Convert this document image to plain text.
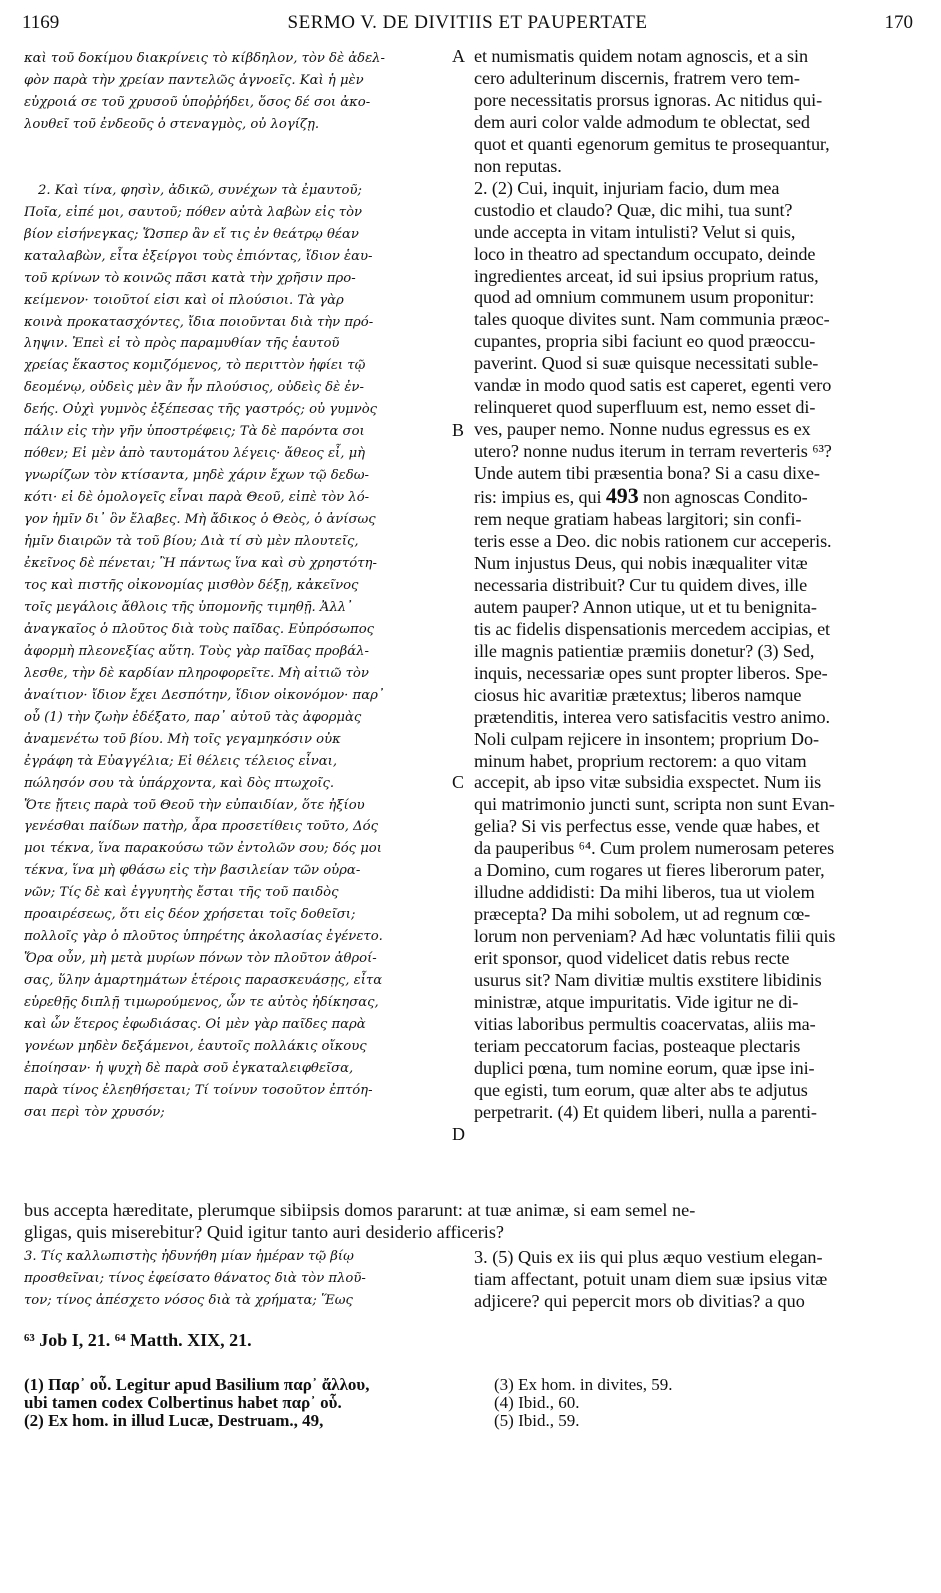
1169	SERMO V. DE DIVITIIS ET PAUPERTATE	170
καὶ τοῦ δοκίμου διακρίνεις τὸ κίβδηλον, τὸν δὲ ἀδελ-
φὸν παρὰ τὴν χρείαν παντελῶς ἀγνοεῖς. Καὶ ἡ μὲν
εὐχροιά σε τοῦ χρυσοῦ ὑποῤῥήδει, ὅσος δέ σοι ἀκο-
λουθεῖ τοῦ ἐνδεοῦς ὁ στεναγμὸς, οὐ λογίζῃ.
2. Καὶ τίνα, φησὶν, ἀδικῶ, συνέχων τὰ ἐμαυτοῦ;
Ποῖα, εἰπέ μοι, σαυτοῦ; πόθεν αὐτὰ λαβὼν εἰς τὸν
βίον εἰσήνεγκας; Ὥσπερ ἂν εἴ τις ἐν θεάτρῳ θέαν
καταλαβὼν, εἶτα ἐξείργοι τοὺς ἐπιόντας, ἴδιον ἑαυ-
τοῦ κρίνων τὸ κοινῶς πᾶσι κατὰ τὴν χρῆσιν προ-
κείμενον· τοιοῦτοί εἰσι καὶ οἱ πλούσιοι. Τὰ γὰρ
κοινὰ προκατασχόντες, ἴδια ποιοῦνται διὰ τὴν πρό-
ληψιν. Ἐπεὶ εἰ τὸ πρὸς παραμυθίαν τῆς ἑαυτοῦ
χρείας ἕκαστος κομιζόμενος, τὸ περιττὸν ἠφίει τῷ
δεομένῳ, οὐδεὶς μὲν ἂν ἦν πλούσιος, οὐδεὶς δὲ ἐν-
δεής. Οὐχὶ γυμνὸς ἐξέπεσας τῆς γαστρός; οὐ γυμνὸς
πάλιν εἰς τὴν γῆν ὑποστρέφεις; Τὰ δὲ παρόντα σοι
πόθεν; Εἰ μὲν ἀπὸ ταυτομάτου λέγεις· ἄθεος εἶ, μὴ
γνωρίζων τὸν κτίσαντα, μηδὲ χάριν ἔχων τῷ δεδω-
κότι· εἰ δὲ ὁμολογεῖς εἶναι παρὰ Θεοῦ, εἰπὲ τὸν λό-
γον ἡμῖν δι᾿ ὃν ἔλαβες. Μὴ ἄδικος ὁ Θεὸς, ὁ ἀνίσως
ἡμῖν διαιρῶν τὰ τοῦ βίου; Διὰ τί σὺ μὲν πλουτεῖς,
ἐκεῖνος δὲ πένεται; Ἢ πάντως ἵνα καὶ σὺ χρηστότη-
τος καὶ πιστῆς οἰκονομίας μισθὸν δέξῃ, κἀκεῖνος
τοῖς μεγάλοις ἄθλοις τῆς ὑπομονῆς τιμηθῇ. Ἀλλ᾿
ἀναγκαῖος ὁ πλοῦτος διὰ τοὺς παῖδας. Εὐπρόσωπος
ἀφορμὴ πλεονεξίας αὕτη. Τοὺς γὰρ παῖδας προβάλ-
λεσθε, τὴν δὲ καρδίαν πληροφορεῖτε. Μὴ αἰτιῶ τὸν
ἀναίτιον· ἴδιον ἔχει Δεσπότην, ἴδιον οἰκονόμον· παρ᾿
οὗ (1) τὴν ζωὴν ἐδέξατο, παρ᾿ αὐτοῦ τὰς ἀφορμὰς
ἀναμενέτω τοῦ βίου. Μὴ τοῖς γεγαμηκόσιν οὐκ
ἐγράφη τὰ Εὐαγγέλια; Εἰ θέλεις τέλειος εἶναι,
πώλησόν σου τὰ ὑπάρχοντα, καὶ δὸς πτωχοῖς.
Ὅτε ᾔτεις παρὰ τοῦ Θεοῦ τὴν εὐπαιδίαν, ὅτε ἠξίου
γενέσθαι παίδων πατὴρ, ἆρα προσετίθεις τοῦτο, Δός
μοι τέκνα, ἵνα παρακούσω τῶν ἐντολῶν σου; δός μοι
τέκνα, ἵνα μὴ φθάσω εἰς τὴν βασιλείαν τῶν οὐρα-
νῶν; Τίς δὲ καὶ ἐγγυητὴς ἔσται τῆς τοῦ παιδὸς
προαιρέσεως, ὅτι εἰς δέον χρήσεται τοῖς δοθεῖσι;
πολλοῖς γὰρ ὁ πλοῦτος ὑπηρέτης ἀκολασίας ἐγένετο.
Ὅρα οὖν, μὴ μετὰ μυρίων πόνων τὸν πλοῦτον ἀθροί-
σας, ὕλην ἁμαρτημάτων ἑτέροις παρασκευάσῃς, εἶτα
εὑρεθῇς διπλῇ τιμωρούμενος, ὧν τε αὐτὸς ἠδίκησας,
καὶ ὧν ἕτερος ἐφωδιάσας. Οἱ μὲν γὰρ παῖδες παρὰ
γονέων μηδὲν δεξάμενοι, ἑαυτοῖς πολλάκις οἴκους
ἐποίησαν· ἡ ψυχὴ δὲ παρὰ σοῦ ἐγκαταλειφθεῖσα,
παρὰ τίνος ἐλεηθήσεται; Τί τοίνυν τοσοῦτον ἐπτόη-
σαι περὶ τὸν χρυσόν;
et numismatis quidem notam agnoscis, et a sin
cero adulterinum discernis, fratrem vero tem-
pore necessitatis prorsus ignoras. Ac nitidus qui-
dem auri color valde admodum te oblectat, sed
quot et quanti egenorum gemitus te prosequantur,
non reputas.
2. (2) Cui, inquit, injuriam facio, dum mea
custodio et claudo? Quæ, dic mihi, tua sunt?
unde accepta in vitam intulisti? Velut si quis,
loco in theatro ad spectandum occupato, deinde
ingredientes arceat, id sui ipsius proprium ratus,
quod ad omnium communem usum proponitur:
tales quoque divites sunt. Nam communia præoc-
cupantes, propria sibi faciunt eo quod præoccu-
paverint. Quod si suæ quisque necessitati suble-
vandæ in modo quod satis est caperet, egenti vero
relinqueret quod superfluum est, nemo esset di-
ves, pauper nemo. Nonne nudus egressus es ex
utero? nonne nudus iterum in terram reverteris ⁶³?
Unde autem tibi præsentia bona? Si a casu dixe-
ris: impius es, qui 493 non agnoscas Condito-
rem neque gratiam habeas largitori; sin confi-
teris esse a Deo. dic nobis rationem cur acceperis.
Num injustus Deus, qui nobis inæqualiter vitæ
necessaria distribuit? Cur tu quidem dives, ille
autem pauper? Annon utique, ut et tu benignita-
tis ac fidelis dispensationis mercedem accipias, et
ille magnis patientiæ præmiis donetur? (3) Sed,
inquis, necessariæ opes sunt propter liberos. Spe-
ciosus hic avaritiæ prætextus; liberos namque
prætenditis, interea vero satisfacitis vestro animo.
Noli culpam rejicere in insontem; proprium Do-
minum habet, proprium rectorem: a quo vitam
accepit, ab ipso vitæ subsidia exspectet. Num iis
qui matrimonio juncti sunt, scripta non sunt Evan-
gelia? Si vis perfectus esse, vende quæ habes, et
da pauperibus ⁶⁴. Cum prolem numerosam peteres
a Domino, cum rogares ut fieres liberorum pater,
illudne addidisti: Da mihi liberos, tua ut violem
præcepta? Da mihi sobolem, ut ad regnum cœ-
lorum non perveniam? Ad hæc voluntatis filii quis
erit sponsor, quod videlicet datis rebus recte
usurus sit? Nam divitiæ multis exstitere libidinis
ministræ, atque impuritatis. Vide igitur ne di-
vitias laboribus permultis coacervatas, aliis ma-
teriam peccatorum facias, posteaque plectaris
duplici pœna, tum nomine eorum, quæ ipse ini-
que egisti, tum eorum, quæ alter abs te adjutus
perpetrarit. (4) Et quidem liberi, nulla a parenti-
A
B
C
D
bus accepta hæreditate, plerumque sibiipsis domos pararunt: at tuæ animæ, si eam semel ne-
gligas, quis miserebitur? Quid igitur tanto auri desiderio afficeris?
3. Τίς καλλωπιστὴς ἠδυνήθη μίαν ἡμέραν τῷ βίῳ
προσθεῖναι; τίνος ἐφείσατο θάνατος διὰ τὸν πλοῦ-
τον; τίνος ἀπέσχετο νόσος διὰ τὰ χρήματα; Ἕως
3. (5) Quis ex iis qui plus æquo vestium elegan-
tiam affectant, potuit unam diem suæ ipsius vitæ
adjicere? qui pepercit mors ob divitias? a quo
⁶³ Job I, 21. ⁶⁴ Matth. XIX, 21.
(1) Παρ᾿ οὗ. Legitur apud Basilium παρ᾿ ἄλλου,
ubi tamen codex Colbertinus habet παρ᾿ οὗ.
(2) Ex hom. in illud Lucæ, Destruam., 49,
(3) Ex hom. in divites, 59.
(4) Ibid., 60.
(5) Ibid., 59.
